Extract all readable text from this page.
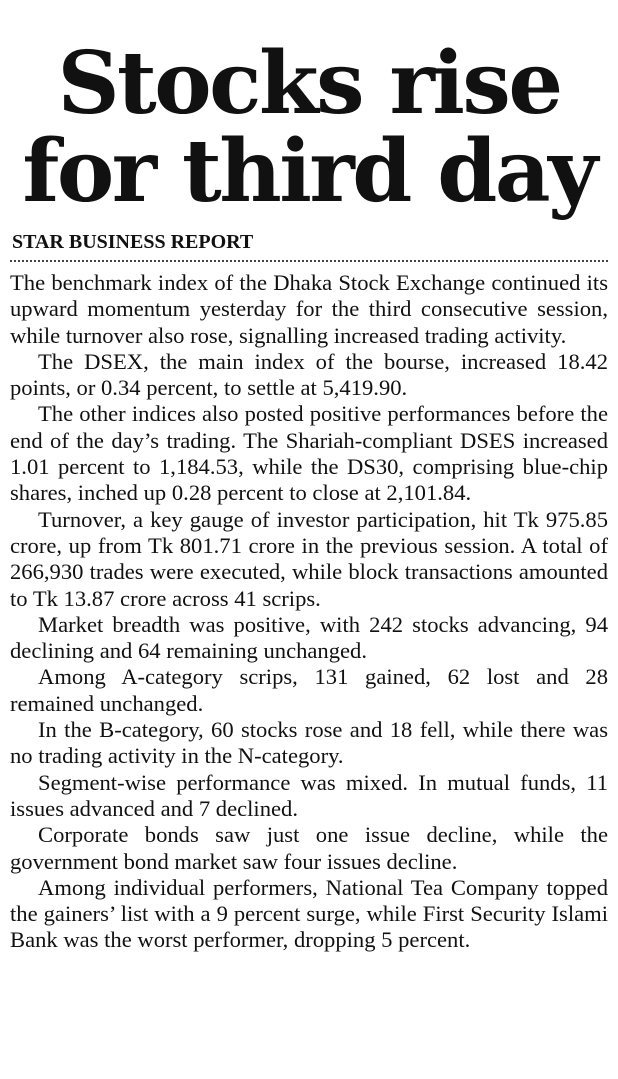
Stocks rise
for third day
STAR BUSINESS REPORT

The benchmark index of the Dhaka Stock Exchange continued its upward momentum yesterday for the third consecutive session, while turnover also rose, signalling increased trading activity.

The DSEX, the main index of the bourse, increased 18.42 points, or 0.34 percent, to settle at 5,419.90.

The other indices also posted positive performances before the end of the day’s trading. The Shariah-compliant DSES increased 1.01 percent to 1,184.53, while the DS30, comprising blue-chip shares, inched up 0.28 percent to close at 2,101.84.

Turnover, a key gauge of investor participation, hit Tk 975.85 crore, up from Tk 801.71 crore in the previous session. A total of 266,930 trades were executed, while block transactions amounted to Tk 13.87 crore across 41 scrips.

Market breadth was positive, with 242 stocks advancing, 94 declining and 64 remaining unchanged.

Among A-category scrips, 131 gained, 62 lost and 28 remained unchanged.

In the B-category, 60 stocks rose and 18 fell, while there was no trading activity in the N-category.

Segment-wise performance was mixed. In mutual funds, 11 issues advanced and 7 declined.

Corporate bonds saw just one issue decline, while the government bond market saw four issues decline.

Among individual performers, National Tea Company topped the gainers’ list with a 9 percent surge, while First Security Islami Bank was the worst performer, dropping 5 percent.
